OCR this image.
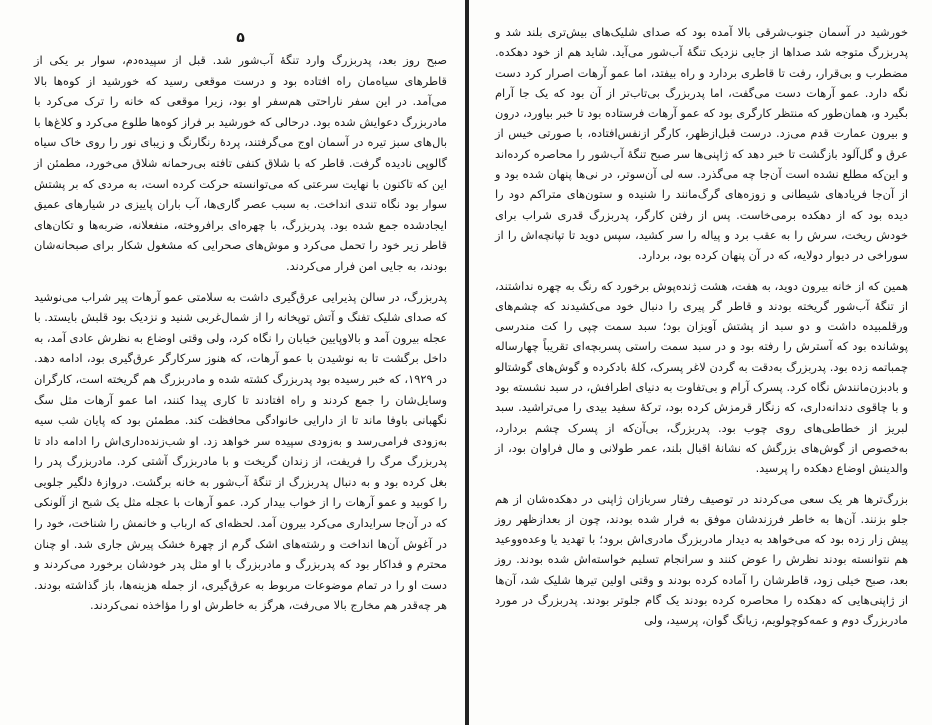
۵

صبح روز بعد، پدربزرگ وارد تنگهٔ آب‌شور شد. قبل از سپیده‌دم، سوار بر یکی از قاطرهای سیاه‌مان راه افتاده بود و درست موقعی رسید که خورشید از کوه‌ها بالا می‌آمد. در این سفر ناراحتی هم‌سفر او بود، زیرا موقعی که خانه را ترک می‌کرد با مادربزرگ دعوایش شده بود. درحالی که خورشید بر فراز کوه‌ها طلوع می‌کرد و کلاغ‌ها با بال‌های سبز تیره در آسمان اوج می‌گرفتند، پردهٔ رنگارنگ و زیبای نور را روی خاک سیاه گالوپی نادیده گرفت. قاطر که با شلاق کنفی تافته بی‌رحمانه شلاق می‌خورد، مطمئن از این که تاکنون با نهایت سرعتی که می‌توانسته حرکت کرده است، به مردی که بر پشتش سوار بود نگاه تندی انداخت. به سبب عصر گاری‌ها، آب باران پاییزی در شیارهای عمیق ایجادشده جمع شده بود. پدربزرگ، با چهره‌ای برافروخته، منفعلانه، ضربه‌ها و تکان‌های قاطر زیر خود را تحمل می‌کرد و موش‌های صحرایی که مشغول شکار برای صبحانه‌شان بودند، به جایی امن فرار می‌کردند.

پدربزرگ، در سالن پذیرایی عرق‌گیری داشت به سلامتی عمو آرهات پیر شراب می‌نوشید که صدای شلیک تفنگ و آتش توپخانه را از شمال‌غربی شنید و نزدیک بود قلبش بایستد. با عجله بیرون آمد و بالاوپایین خیابان را نگاه کرد، ولی وقتی اوضاع به نظرش عادی آمد، به داخل برگشت تا به نوشیدن با عمو آرهات، که هنوز سرکارگر عرق‌گیری بود، ادامه دهد. در ۱۹۲۹، که خبر رسیده بود پدربزرگ کشته شده و مادربزرگ هم گریخته است، کارگران وسایل‌شان را جمع کردند و راه افتادند تا کاری پیدا کنند، اما عمو آرهات مثل سگ نگهبانی باوفا ماند تا از دارایی خانوادگی محافظت کند. مطمئن بود که پایان شب سیه به‌زودی فرامی‌رسد و به‌زودی سپیده سر خواهد زد. او شب‌زنده‌داری‌اش را ادامه داد تا پدربزرگ مرگ را فریفت، از زندان گریخت و با مادربزرگ آشتی کرد. مادربزرگ پدر را بغل کرده بود و به دنبال پدربزرگ از تنگهٔ آب‌شور به خانه برگشت. دروازهٔ دلگیر جلویی را کوبید و عمو آرهات را از خواب بیدار کرد. عمو آرهات با عجله مثل یک شبح از آلونکی که در آن‌جا سرایداری می‌کرد بیرون آمد. لحظه‌ای که ارباب و خانمش را شناخت، خود را در آغوش آن‌ها انداخت و رشته‌های اشک گرم از چهرهٔ خشک پیرش جاری شد. او چنان محترم و فداکار بود که پدربزرگ و مادربزرگ با او مثل پدر خودشان برخورد می‌کردند و دست او را در تمام موضوعات مربوط به عرق‌گیری، از جمله هزینه‌ها، باز گذاشته بودند. هر چه‌قدر هم مخارج بالا می‌رفت، هرگز به خاطرش او را مؤاخذه نمی‌کردند.

خورشید در آسمان جنوب‌شرقی بالا آمده بود که صدای شلیک‌های بیش‌تری بلند شد و پدربزرگ متوجه شد صداها از جایی نزدیک تنگهٔ آب‌شور می‌آید. شاید هم از خود دهکده. مضطرب و بی‌قرار، رفت تا قاطری بردارد و راه بیفتد، اما عمو آرهات اصرار کرد دست نگه دارد. عمو آرهات دست می‌گفت، اما پدربزرگ بی‌تاب‌تر از آن بود که یک جا آرام بگیرد و، همان‌طور که منتظر کارگری بود که عمو آرهات فرستاده بود تا خبر بیاورد، درون و بیرون عمارت قدم می‌زد. درست قبل‌ازظهر، کارگر ازنفس‌افتاده، با صورتی خیس از عرق و گل‌آلود بازگشت تا خبر دهد که ژاپنی‌ها سر صبح تنگهٔ آب‌شور را محاصره کرده‌اند و این‌که مطلع نشده است آن‌جا چه می‌گذرد. سه لی آن‌سوتر، در نی‌ها پنهان شده بود و از آن‌جا فریادهای شیطانی و زوزه‌های گرگ‌مانند را شنیده و ستون‌های متراکم دود را دیده بود که از دهکده برمی‌خاست. پس از رفتن کارگر، پدربزرگ قدری شراب برای خودش ریخت، سرش را به عقب برد و پیاله را سر کشید، سپس دوید تا تپانچه‌اش را از سوراخی در دیوار دولایه، که در آن پنهان کرده بود، بردارد.

همین که از خانه بیرون دوید، به هفت، هشت ژنده‌پوش برخورد که رنگ به چهره نداشتند، از تنگهٔ آب‌شور گریخته بودند و قاطر گر پیری را دنبال خود می‌کشیدند که چشم‌های ورقلمبیده داشت و دو سبد از پشتش آویزان بود؛ سبد سمت چپی را کت مندرسی پوشانده بود که آسترش را رفته بود و در سبد سمت راستی پسربچه‌ای تقریباً چهارساله چمباتمه زده بود. پدربزرگ به‌دقت به گردن لاغر پسرک، کلهٔ بادکرده و گوش‌های گوشتالو و بادبزن‌مانندش نگاه کرد. پسرک آرام و بی‌تفاوت به دنیای اطرافش، در سبد نشسته بود و با چاقوی دندانه‌داری، که زنگار قرمزش کرده بود، ترکهٔ سفید بیدی را می‌تراشید. سبد لبریز از خطاطی‌های روی چوب بود. پدربزرگ، بی‌آن‌که از پسرک چشم بردارد، به‌خصوص از گوش‌های بزرگش که نشانهٔ اقبال بلند، عمر طولانی و مال فراوان بود، از والدینش اوضاع دهکده را پرسید.

بزرگ‌ترها هر یک سعی می‌کردند در توصیف رفتار سربازان ژاپنی در دهکده‌شان از هم جلو بزنند. آن‌ها به خاطر فرزندشان موفق به فرار شده بودند، چون از بعدازظهر روز پیش زار زده بود که می‌خواهد به دیدار مادربزرگ مادری‌اش برود؛ با تهدید یا وعده‌ووعید هم نتوانسته بودند نظرش را عوض کنند و سرانجام تسلیم خواسته‌اش شده بودند. روز بعد، صبح خیلی زود، قاطرشان را آماده کرده بودند و وقتی اولین تیرها شلیک شد، آن‌ها از ژاپنی‌هایی که دهکده را محاصره کرده بودند یک گام جلوتر بودند. پدربزرگ در مورد مادربزرگ دوم و عمه‌کوچولویم، زیانگ گوان، پرسید، ولی
